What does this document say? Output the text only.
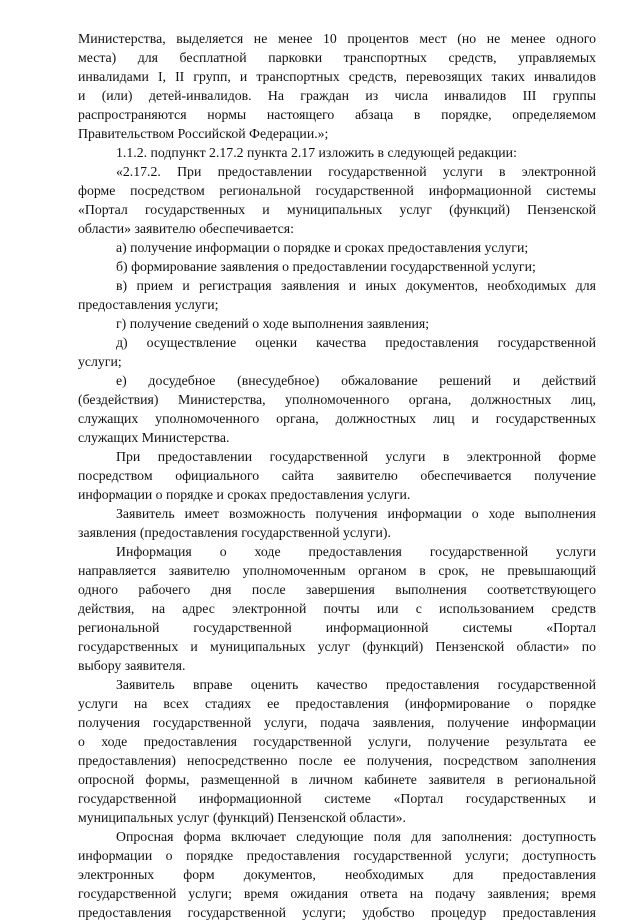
Министерства, выделяется не менее 10 процентов мест (но не менее одного
места) для бесплатной парковки транспортных средств, управляемых
инвалидами I, II групп, и транспортных средств, перевозящих таких инвалидов
и (или) детей-инвалидов. На граждан из числа инвалидов III группы
распространяются нормы настоящего абзаца в порядке, определяемом
Правительством Российской Федерации.»;
1.1.2. подпункт 2.17.2 пункта 2.17 изложить в следующей редакции:
«2.17.2. При предоставлении государственной услуги в электронной
форме посредством региональной государственной информационной системы
«Портал государственных и муниципальных услуг (функций) Пензенской
области» заявителю обеспечивается:
а) получение информации о порядке и сроках предоставления услуги;
б) формирование заявления о предоставлении государственной услуги;
в) прием и регистрация заявления и иных документов, необходимых для
предоставления услуги;
г) получение сведений о ходе выполнения заявления;
д) осуществление оценки качества предоставления государственной
услуги;
е) досудебное (внесудебное) обжалование решений и действий
(бездействия) Министерства, уполномоченного органа, должностных лиц,
служащих уполномоченного органа, должностных лиц и государственных
служащих Министерства.
При предоставлении государственной услуги в электронной форме
посредством официального сайта заявителю обеспечивается получение
информации о порядке и сроках предоставления услуги.
Заявитель имеет возможность получения информации о ходе выполнения
заявления (предоставления государственной услуги).
Информация о ходе предоставления государственной услуги
направляется заявителю уполномоченным органом в срок, не превышающий
одного рабочего дня после завершения выполнения соответствующего
действия, на адрес электронной почты или с использованием средств
региональной государственной информационной системы «Портал
государственных и муниципальных услуг (функций) Пензенской области» по
выбору заявителя.
Заявитель вправе оценить качество предоставления государственной
услуги на всех стадиях ее предоставления (информирование о порядке
получения государственной услуги, подача заявления, получение информации
о ходе предоставления государственной услуги, получение результата ее
предоставления) непосредственно после ее получения, посредством заполнения
опросной формы, размещенной в личном кабинете заявителя в региональной
государственной информационной системе «Портал государственных и
муниципальных услуг (функций) Пензенской области».
Опросная форма включает следующие поля для заполнения: доступность
информации о порядке предоставления государственной услуги; доступность
электронных форм документов, необходимых для предоставления
государственной услуги; время ожидания ответа на подачу заявления; время
предоставления государственной услуги; удобство процедур предоставления
